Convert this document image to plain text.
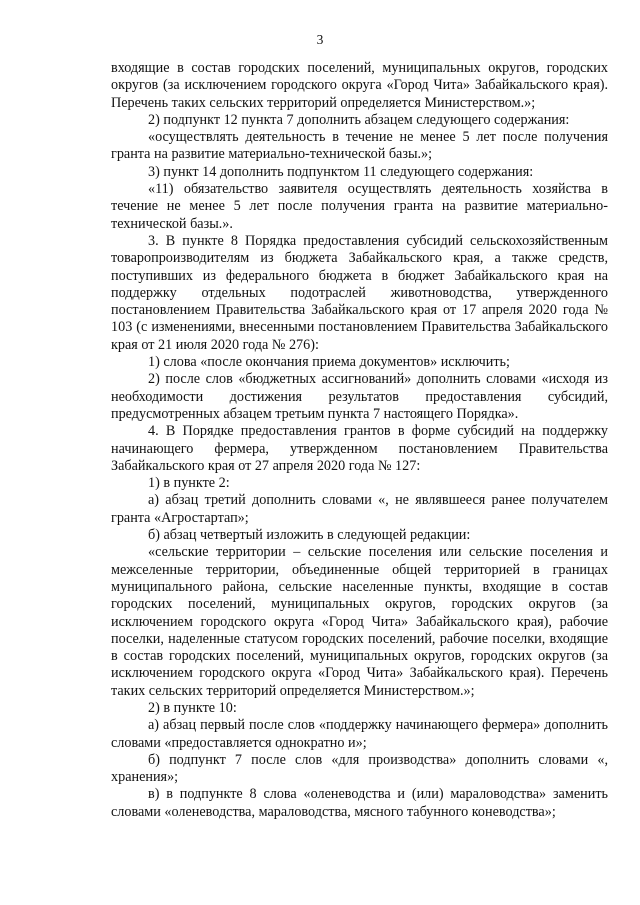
3

входящие в состав городских поселений, муниципальных округов, городских округов (за исключением городского округа «Город Чита» Забайкальского края). Перечень таких сельских территорий определяется Министерством.»;

2) подпункт 12 пункта 7 дополнить абзацем следующего содержания:

«осуществлять деятельность в течение не менее 5 лет после получения гранта на развитие материально-технической базы.»;

3) пункт 14 дополнить подпунктом 11 следующего содержания:

«11) обязательство заявителя осуществлять деятельность хозяйства в течение не менее 5 лет после получения гранта на развитие материально-технической базы.».

3. В пункте 8 Порядка предоставления субсидий сельскохозяйственным товаропроизводителям из бюджета Забайкальского края, а также средств, поступивших из федерального бюджета в бюджет Забайкальского края на поддержку отдельных подотраслей животноводства, утвержденного постановлением Правительства Забайкальского края от 17 апреля 2020 года № 103 (с изменениями, внесенными постановлением Правительства Забайкальского края от 21 июля 2020 года № 276):

1) слова «после окончания приема документов» исключить;

2) после слов «бюджетных ассигнований» дополнить словами «исходя из необходимости достижения результатов предоставления субсидий, предусмотренных абзацем третьим пункта 7 настоящего Порядка».

4. В Порядке предоставления грантов в форме субсидий на поддержку начинающего фермера, утвержденном постановлением Правительства Забайкальского края от 27 апреля 2020 года № 127:

1) в пункте 2:

а) абзац третий дополнить словами «, не являвшееся ранее получателем гранта «Агростартап»;

б) абзац четвертый изложить в следующей редакции:

«сельские территории – сельские поселения или сельские поселения и межселенные территории, объединенные общей территорией в границах муниципального района, сельские населенные пункты, входящие в состав городских поселений, муниципальных округов, городских округов (за исключением городского округа «Город Чита» Забайкальского края), рабочие поселки, наделенные статусом городских поселений, рабочие поселки, входящие в состав городских поселений, муниципальных округов, городских округов (за исключением городского округа «Город Чита» Забайкальского края). Перечень таких сельских территорий определяется Министерством.»;

2) в пункте 10:

а) абзац первый после слов «поддержку начинающего фермера» дополнить словами «предоставляется однократно и»;

б) подпункт 7 после слов «для производства» дополнить словами «, хранения»;

в) в подпункте 8 слова «оленеводства и (или) мараловодства» заменить словами «оленеводства, мараловодства, мясного табунного коневодства»;
